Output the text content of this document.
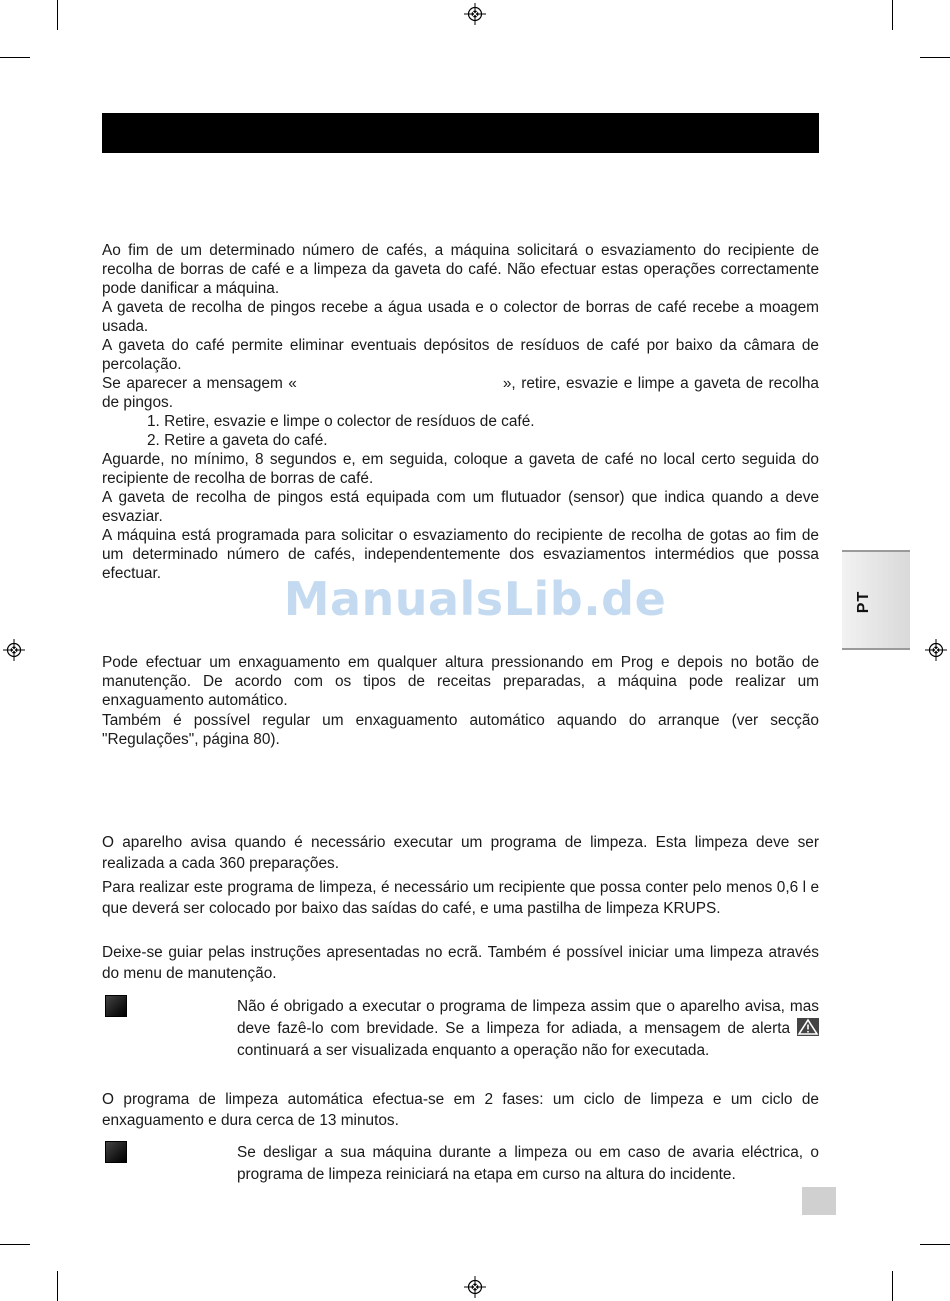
PT

Ao fim de um determinado número de cafés, a máquina solicitará o esvaziamento do recipiente de recolha de borras de café e a limpeza da gaveta do café. Não efectuar estas operações correctamente pode danificar a máquina.

A gaveta de recolha de pingos recebe a água usada e o colector de borras de café recebe a moagem usada.

A gaveta do café permite eliminar eventuais depósitos de resíduos de café por baixo da câmara de percolação.

Se aparecer a mensagem «	», retire, esvazie e limpe a gaveta de recolha de pingos.

1. Retire, esvazie e limpe o colector de resíduos de café.

2. Retire a gaveta do café.

Aguarde, no mínimo, 8 segundos e, em seguida, coloque a gaveta de café no local certo seguida do recipiente de recolha de borras de café.

A gaveta de recolha de pingos está equipada com um flutuador (sensor) que indica quando a deve esvaziar.

A máquina está programada para solicitar o esvaziamento do recipiente de recolha de gotas ao fim de um determinado número de cafés, independentemente dos esvaziamentos intermédios que possa efectuar.	ManualsLib.de

Pode efectuar um enxaguamento em qualquer altura pressionando em Prog e depois no botão de manutenção. De acordo com os tipos de receitas preparadas, a máquina pode realizar um enxaguamento automático.

Também é possível regular um enxaguamento automático aquando do arranque (ver secção "Regulações", página 80).

O aparelho avisa quando é necessário executar um programa de limpeza. Esta limpeza deve ser realizada a cada 360 preparações.

Para realizar este programa de limpeza, é necessário um recipiente que possa conter pelo menos 0,6 l e que deverá ser colocado por baixo das saídas do café, e uma pastilha de limpeza KRUPS.

Deixe-se guiar pelas instruções apresentadas no ecrã. Também é possível iniciar uma limpeza através do menu de manutenção.

Não é obrigado a executar o programa de limpeza assim que o aparelho avisa, mas deve fazê-lo com brevidade. Se a limpeza for adiada, a mensagem de alerta  continuará a ser visualizada enquanto a operação não for executada.

O programa de limpeza automática efectua-se em 2 fases: um ciclo de limpeza e um ciclo de enxaguamento e dura cerca de 13 minutos.

Se desligar a sua máquina durante a limpeza ou em caso de avaria eléctrica, o programa de limpeza reiniciará na etapa em curso na altura do incidente.
